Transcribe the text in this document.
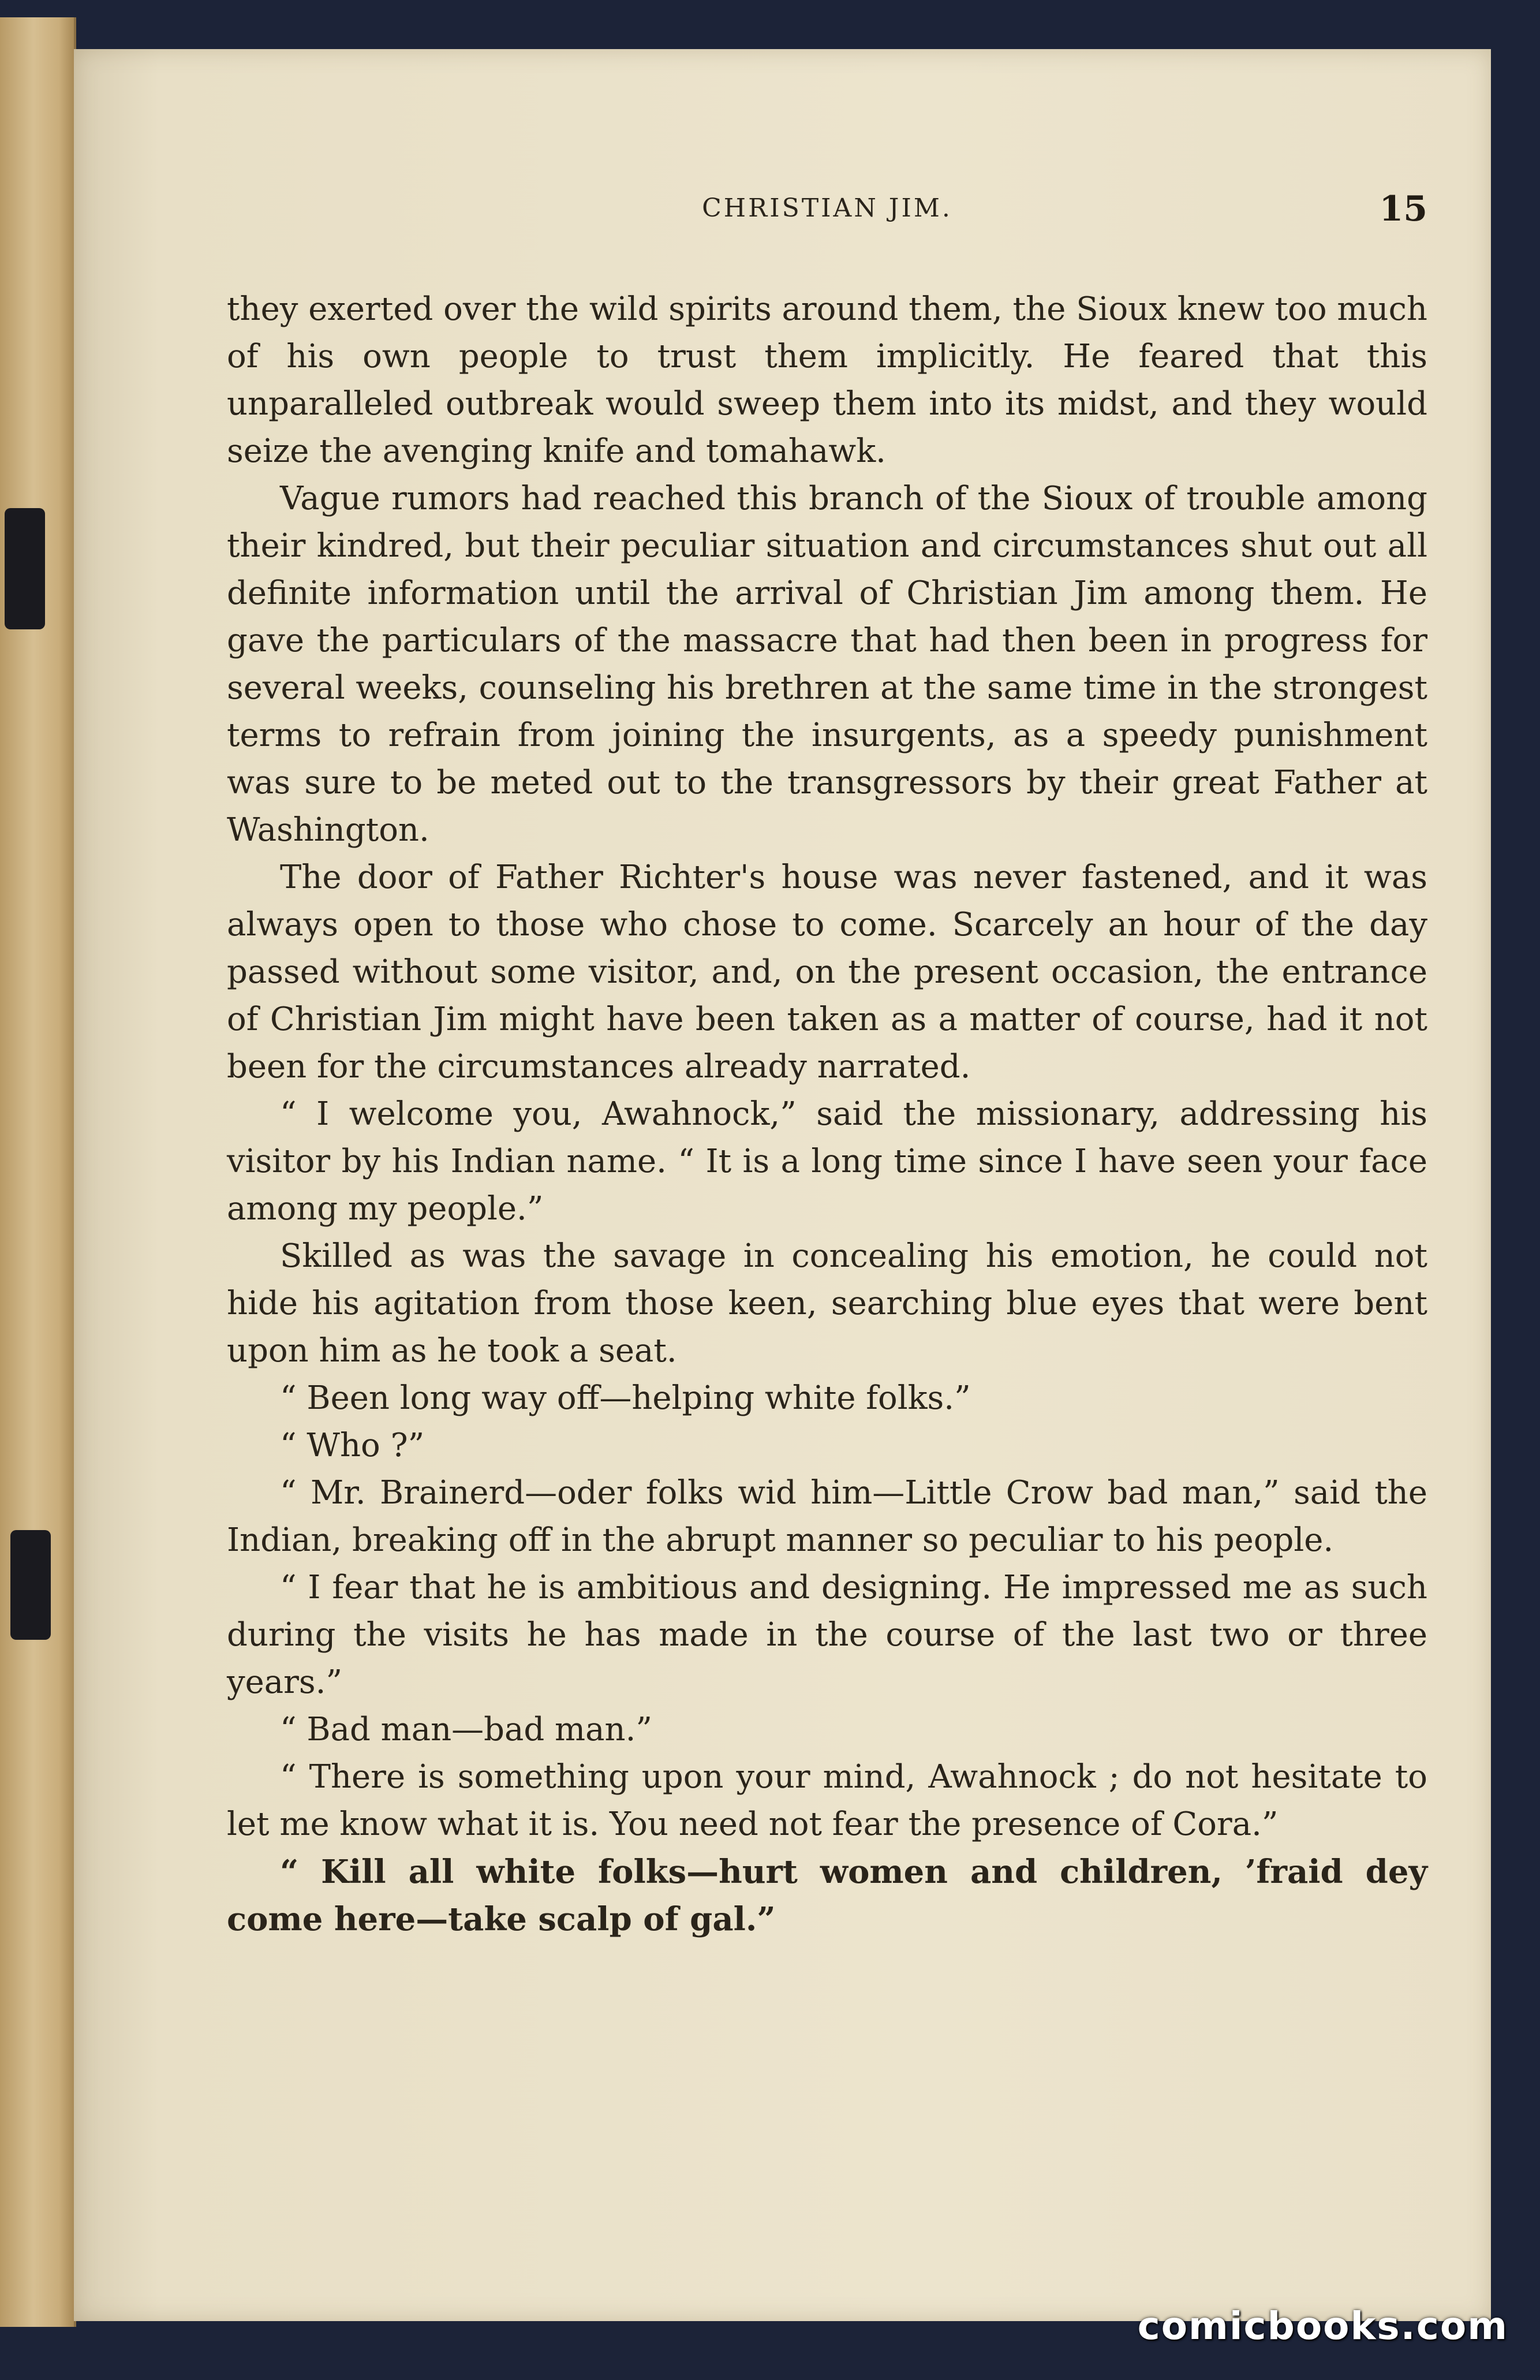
CHRISTIAN JIM.	15

they exerted over the wild spirits around them, the Sioux knew too much of his own people to trust them implicitly. He feared that this unparalleled outbreak would sweep them into its midst, and they would seize the avenging knife and tomahawk.

Vague rumors had reached this branch of the Sioux of trouble among their kindred, but their peculiar situation and circumstances shut out all definite information until the arrival of Christian Jim among them. He gave the particulars of the massacre that had then been in progress for several weeks, counseling his brethren at the same time in the strongest terms to refrain from joining the insurgents, as a speedy punishment was sure to be meted out to the transgressors by their great Father at Washington.

The door of Father Richter's house was never fastened, and it was always open to those who chose to come. Scarcely an hour of the day passed without some visitor, and, on the present occasion, the entrance of Christian Jim might have been taken as a matter of course, had it not been for the circumstances already narrated.

“ I welcome you, Awahnock,” said the missionary, addressing his visitor by his Indian name. “ It is a long time since I have seen your face among my people.”

Skilled as was the savage in concealing his emotion, he could not hide his agitation from those keen, searching blue eyes that were bent upon him as he took a seat.

“ Been long way off—helping white folks.”

“ Who ?”

“ Mr. Brainerd—oder folks wid him—Little Crow bad man,” said the Indian, breaking off in the abrupt manner so peculiar to his people.

“ I fear that he is ambitious and designing. He impressed me as such during the visits he has made in the course of the last two or three years.”

“ Bad man—bad man.”

“ There is something upon your mind, Awahnock ; do not hesitate to let me know what it is. You need not fear the presence of Cora.”

“ Kill all white folks—hurt women and children, ’fraid dey come here—take scalp of gal.”

comicbooks.com
